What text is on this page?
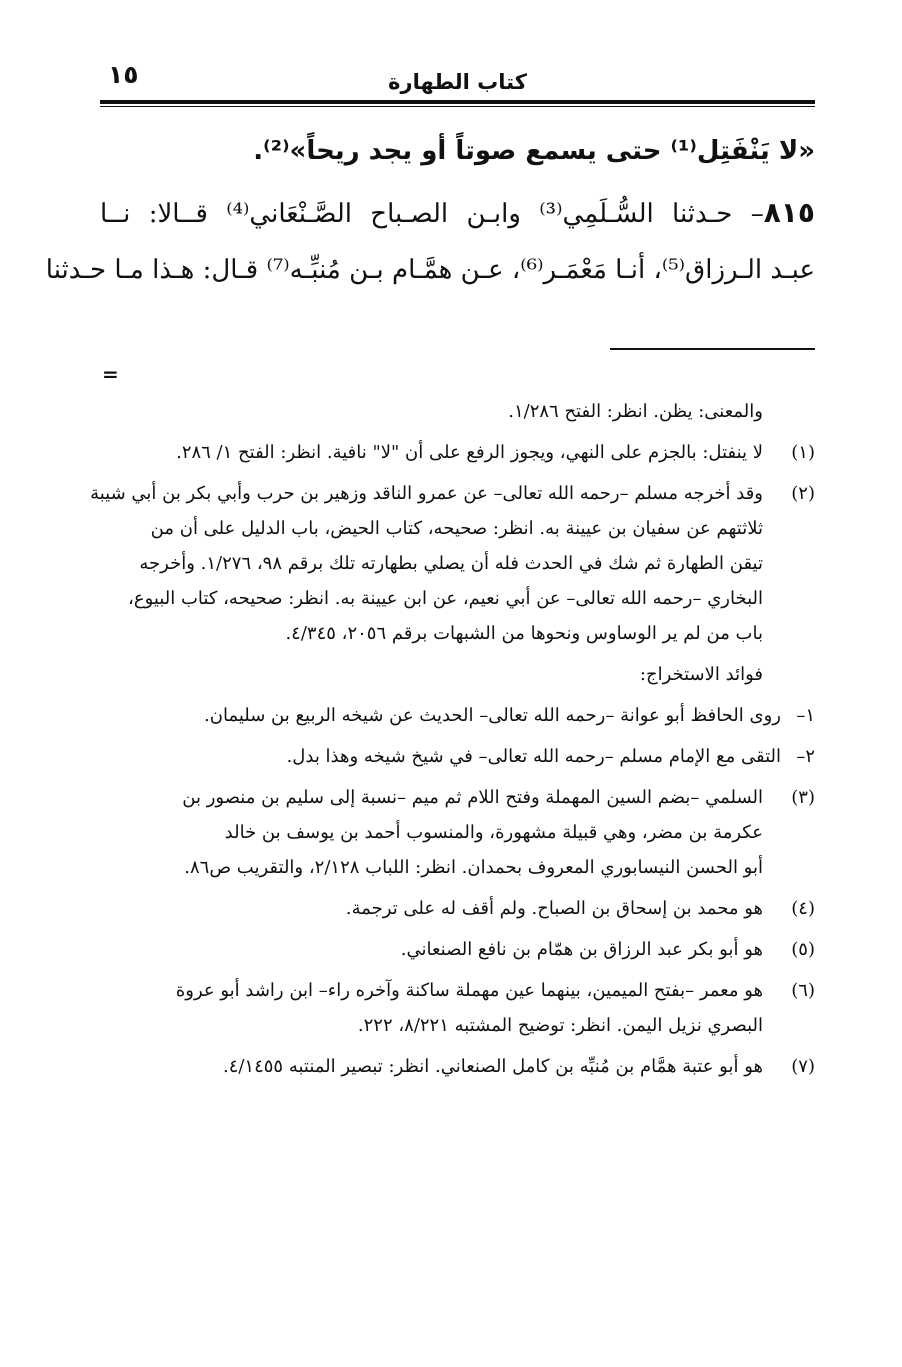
كتاب الطهارة
١٥

«لا يَنْفَتِل⁽¹⁾ حتى يسمع صوتاً أو يجد ريحاً»⁽²⁾.

٨١٥– حـدثنا السُّـلَمِي⁽³⁾ وابـن الصـباح الصَّـنْعَاني⁽⁴⁾ قــالا: نــا
عبـد الـرزاق⁽⁵⁾، أنـا مَعْمَـر⁽⁶⁾، عـن همَّـام بـن مُنبِّـه⁽⁷⁾ قـال: هـذا مـا حـدثنا
=

والمعنى: يظن. انظر: الفتح ١/٢٨٦.

(١)
لا ينفتل: بالجزم على النهي، ويجوز الرفع على أن "لا" نافية. انظر: الفتح ١/ ٢٨٦.
(٢)
وقد أخرجه مسلم –رحمه الله تعالى– عن عمرو الناقد وزهير بن حرب وأبي بكر بن أبي شيبة
ثلاثتهم عن سفيان بن عيينة به. انظر: صحيحه، كتاب الحيض، باب الدليل على أن من
تيقن الطهارة ثم شك في الحدث فله أن يصلي بطهارته تلك برقم ٩٨، ١/٢٧٦. وأخرجه
البخاري –رحمه الله تعالى– عن أبي نعيم، عن ابن عيينة به. انظر: صحيحه، كتاب البيوع،
باب من لم ير الوساوس ونحوها من الشبهات برقم ٢٠٥٦، ٤/٣٤٥.
فوائد الاستخراج:
١–
روى الحافظ أبو عوانة –رحمه الله تعالى– الحديث عن شيخه الربيع بن سليمان.
٢–
التقى مع الإمام مسلم –رحمه الله تعالى– في شيخ شيخه وهذا بدل.
(٣)
السلمي –بضم السين المهملة وفتح اللام ثم ميم –نسبة إلى سليم بن منصور بن
عكرمة بن مضر، وهي قبيلة مشهورة، والمنسوب أحمد بن يوسف بن خالد
أبو الحسن النيسابوري المعروف بحمدان. انظر: اللباب ٢/١٢٨، والتقريب ص٨٦.
(٤)
هو محمد بن إسحاق بن الصباح. ولم أقف له على ترجمة.
(٥)
هو أبو بكر عبد الرزاق بن همّام بن نافع الصنعاني.
(٦)
هو معمر –بفتح الميمين، بينهما عين مهملة ساكنة وآخره راء– ابن راشد أبو عروة
البصري نزيل اليمن. انظر: توضيح المشتبه ٨/٢٢١، ٢٢٢.
(٧)
هو أبو عتبة همَّام بن مُنبِّه بن كامل الصنعاني. انظر: تبصير المنتبه ٤/١٤٥٥.
